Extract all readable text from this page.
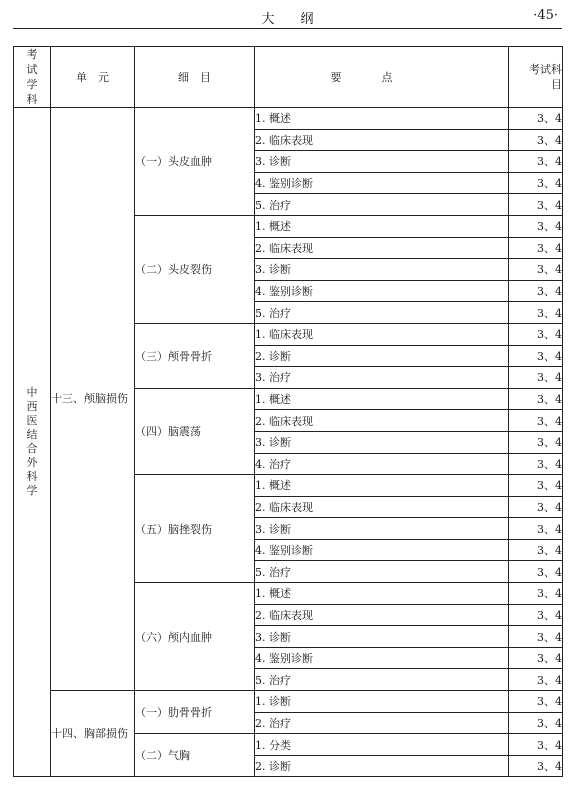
大纲	·45·
考试学科	单　元	细　目	要点	考试科目
中西医结合外科学	十三、颅脑损伤	（一）头皮血肿	1. 概述	3、4
			2. 临床表现	3、4
			3. 诊断	3、4
			4. 鉴别诊断	3、4
			5. 治疗	3、4
		（二）头皮裂伤	1. 概述	3、4
			2. 临床表现	3、4
			3. 诊断	3、4
			4. 鉴别诊断	3、4
			5. 治疗	3、4
		（三）颅骨骨折	1. 临床表现	3、4
			2. 诊断	3、4
			3. 治疗	3、4
		（四）脑震荡	1. 概述	3、4
			2. 临床表现	3、4
			3. 诊断	3、4
			4. 治疗	3、4
		（五）脑挫裂伤	1. 概述	3、4
			2. 临床表现	3、4
			3. 诊断	3、4
			4. 鉴别诊断	3、4
			5. 治疗	3、4
		（六）颅内血肿	1. 概述	3、4
			2. 临床表现	3、4
			3. 诊断	3、4
			4. 鉴别诊断	3、4
			5. 治疗	3、4
	十四、胸部损伤	（一）肋骨骨折	1. 诊断	3、4
			2. 治疗	3、4
		（二）气胸	1. 分类	3、4
			2. 诊断	3、4
